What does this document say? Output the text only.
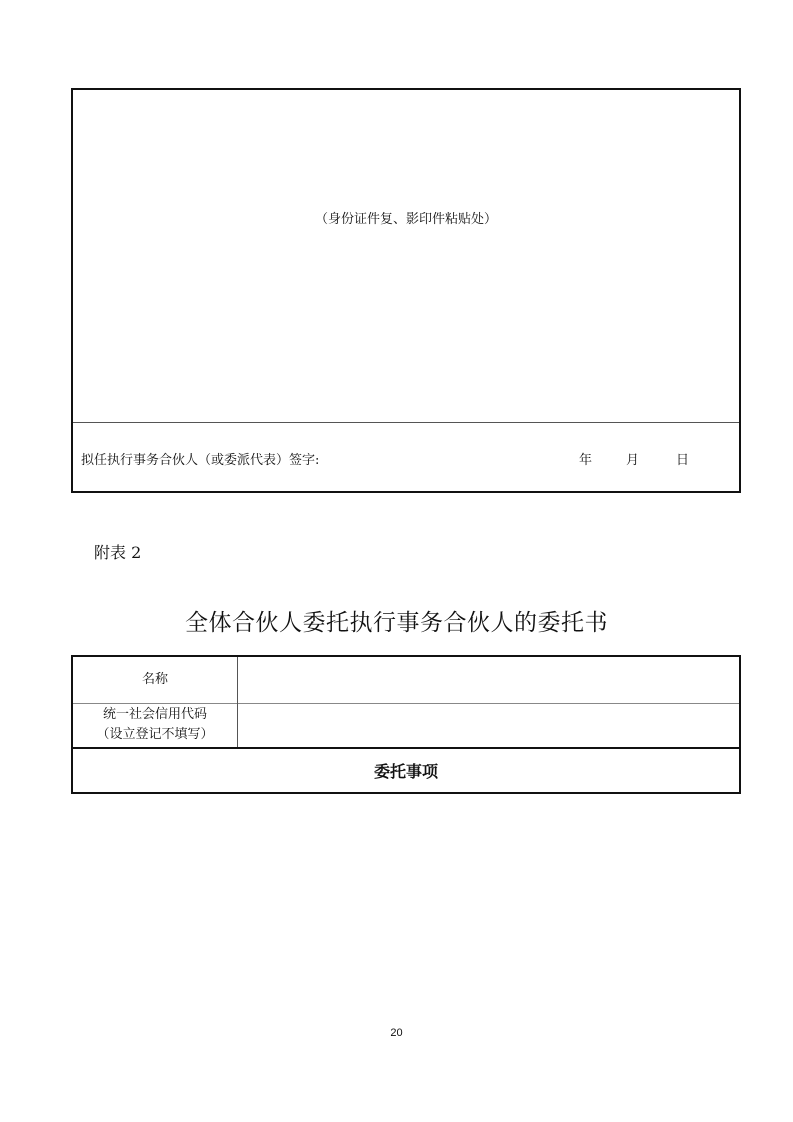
（身份证件复、影印件粘贴处）
拟任执行事务合伙人（或委派代表）签字:	年	月	日
附表 2
全体合伙人委托执行事务合伙人的委托书
名称
统一社会信用代码
（设立登记不填写）
委托事项
20
